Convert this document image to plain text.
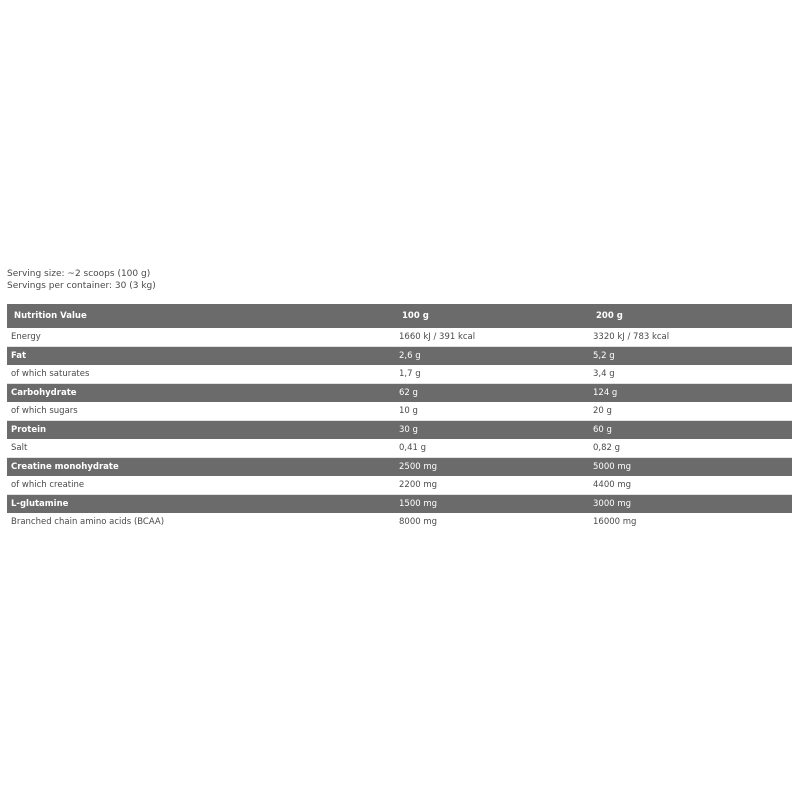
Serving size: ~2 scoops (100 g)
Servings per container: 30 (3 kg)
Nutrition Value	100 g	200 g
Energy	1660 kJ / 391 kcal	3320 kJ / 783 kcal
Fat	2,6 g	5,2 g
of which saturates	1,7 g	3,4 g
Carbohydrate	62 g	124 g
of which sugars	10 g	20 g
Protein	30 g	60 g
Salt	0,41 g	0,82 g
Creatine monohydrate	2500 mg	5000 mg
of which creatine	2200 mg	4400 mg
L-glutamine	1500 mg	3000 mg
Branched chain amino acids (BCAA)	8000 mg	16000 mg
